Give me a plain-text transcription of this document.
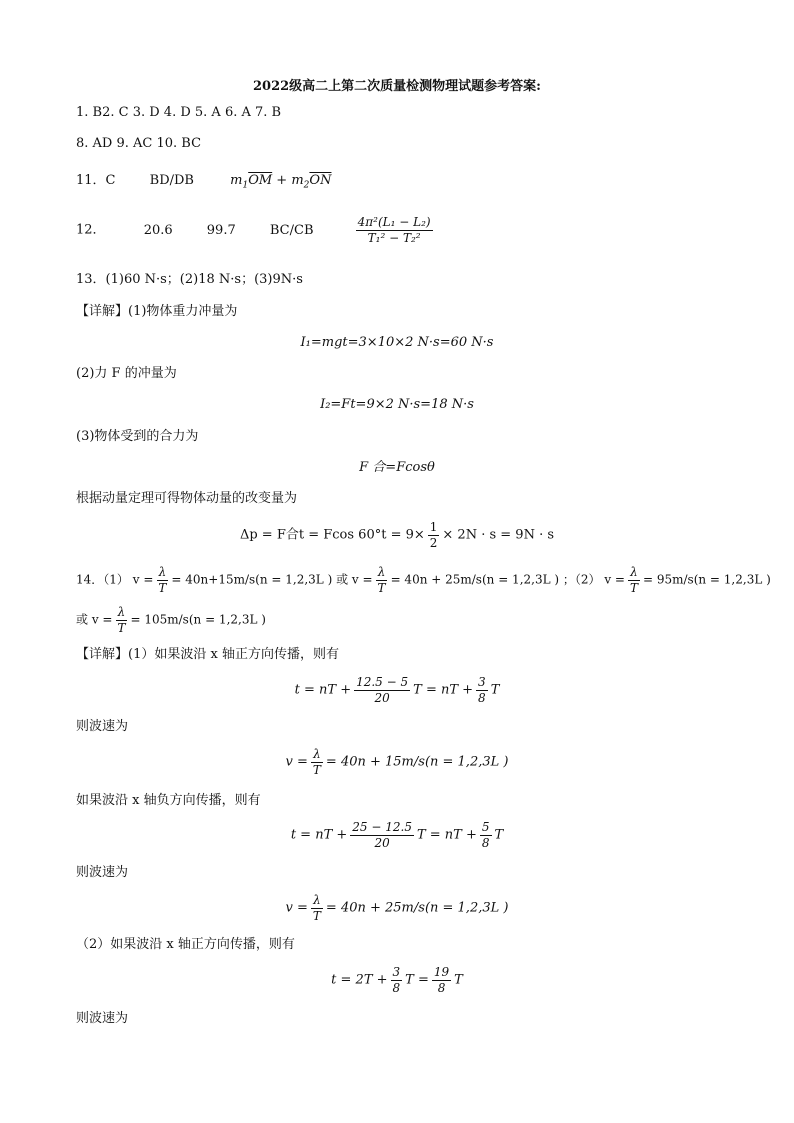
2022级高二上第二次质量检测物理试题参考答案:
1. B2. C 3. D 4. D 5. A 6. A 7. B
8. AD 9. AC 10. BC
11．C	BD/DB	$m_1\overline{OM} + m_2\overline{ON}$
12．	20.6	99.7	BC/CB	$\frac{\text{4π²(L₁ − L₂)}}{\text{T₁² − T₂²}}$
13．(1)60 N·s；(2)18 N·s；(3)9N·s
【详解】(1)物体重力冲量为
I₁=mgt=3×10×2 N·s=60 N·s
(2)力 F 的冲量为
I₂=Ft=9×2 N·s=18 N·s
(3)物体受到的合力为
F 合=Fcosθ
根据动量定理可得物体动量的改变量为
Δp = F合t = Fcos $60^\circ t = 9\times \frac{1}{2} \times 2N \cdot s = 9N \cdot s$
14．（1） $v = \frac{\lambda}{T} = 40n+15m/s(n = 1,2,3L$ ) 或 $v = \frac{\lambda}{T} = 40n + 25m/s(n = 1,2,3L$ ) ；（2） $v = \frac{\lambda}{T} = 95m/s(n = 1,2,3L$ )
或 $v = \frac{\lambda}{T} = 105m/s(n = 1,2,3L$ )
【详解】(1）如果波沿 x 轴正方向传播，则有
t = nT + $\frac{12.5 - 5}{20}$ T = nT + $\frac{3}{8}$ T
则波速为
$v = \frac{\lambda}{T} = 40n + 15m/s(n = 1,2,3L$ )
如果波沿 x 轴负方向传播，则有
t = nT + $\frac{25 - 12.5}{20}$ T = nT + $\frac{5}{8}$ T
则波速为
$v = \frac{\lambda}{T} = 40n + 25m/s(n = 1,2,3L$ )
（2）如果波沿 x 轴正方向传播，则有
$t = 2T + \frac{3}{8}$ $T = \frac{19}{8}$ T
则波速为
